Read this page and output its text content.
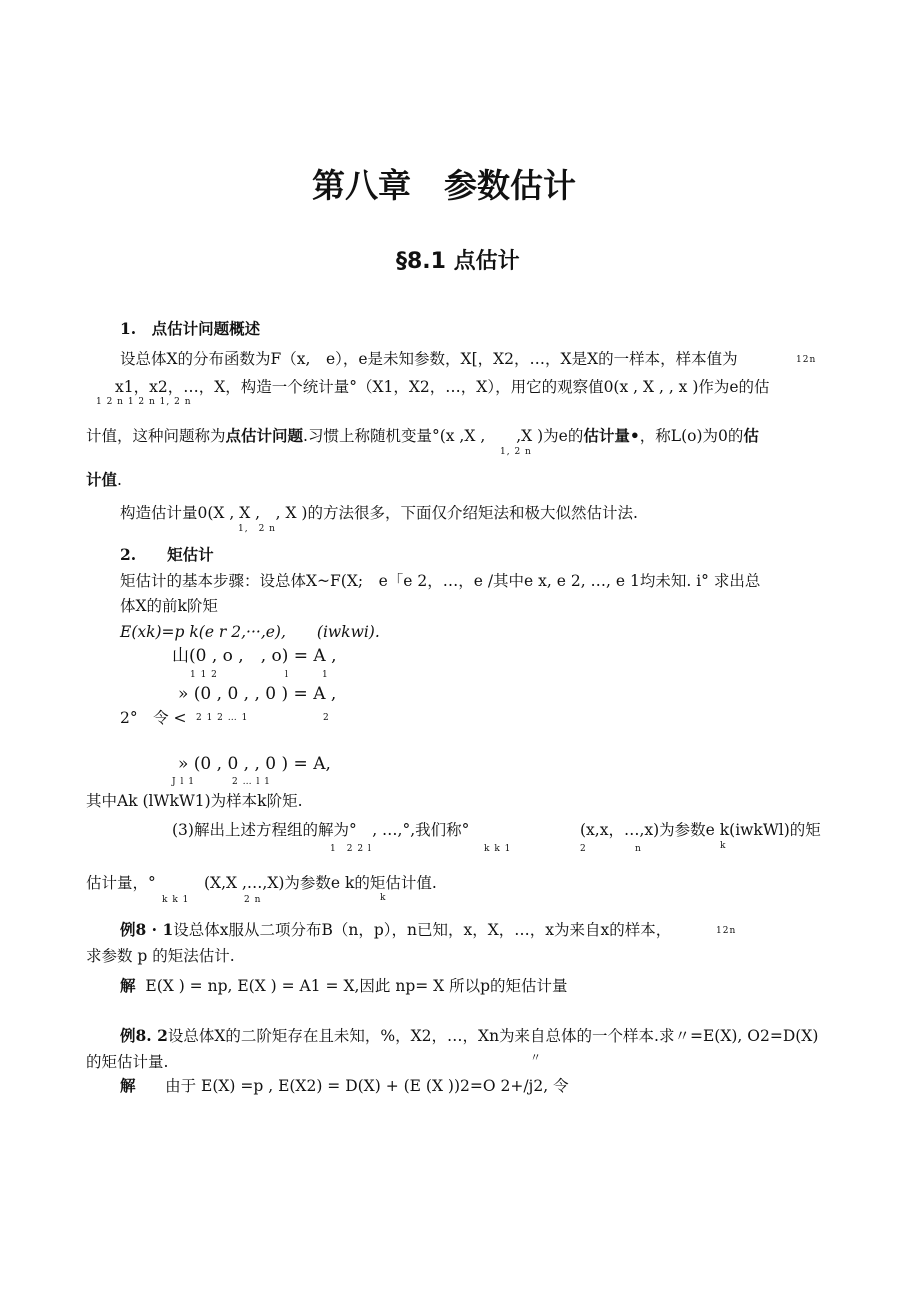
第八章　参数估计
§8.1 点估计
1.　点估计问题概述
设总体X的分布函数为F（x,　e），e是未知参数，X[，X2，…，X是X的一样本，样本值为	12n
x1，x2，…，X，构造一个统计量°（X1，X2，…，X），用它的观察值0(x , X , , x )作为e的估
1 2 n 1 2 n 1, 2 n
计值，这种问题称为点估计问题.习惯上称随机变量°(x ,X ,　　,X )为e的估计量•，称L(o)为0的估
1, 2 n
计值.
构造估计量0(X , X ,　, X )的方法很多，下面仅介绍矩法和极大似然估计法.
1,　2 n
2.　　矩估计
矩估计的基本步骤：设总体X~F(X;　e「e 2，…，e /其中e x, e 2, …, e 1均未知. i° 求出总
体X的前k阶矩
E(xk)=p k(e r 2,···,e),　　(iwkwi).
山(0 , o ,　, o) = A ,
1 1 2	l	1
» (0 , 0 , , 0 ) = A ,
2°　令 < 2 1 2 … 1	2
» (0 , 0 , , 0 ) = A,
J l 1	2 … l 1
其中Ak (lWkW1)为样本k阶矩.
(3)解出上述方程组的解为°　, …,°,我们称°	(x,x，…,x)为参数e k(iwkWl)的矩
1　2 2 l	k k 1	2	n	k
估计量，°	(X,X ,…,X)为参数e k的矩估计值.
k k 1	2 n	k
例8 · 1设总体x服从二项分布B（n，p），n已知，x，X，…，x为来自x的样本，	12n
求参数 p 的矩法估计.
解 E(X ) = np, E(X ) = A1 = X,因此 np= X 所以p的矩估计量
例8. 2设总体X的二阶矩存在且未知，%，X2，…，Xn为来自总体的一个样本.求〃=E(X), O2=D(X)
的矩估计量.	〃
解 由于 E(X) =p , E(X2) = D(X) + (E (X ))2=O 2+/j2, 令
